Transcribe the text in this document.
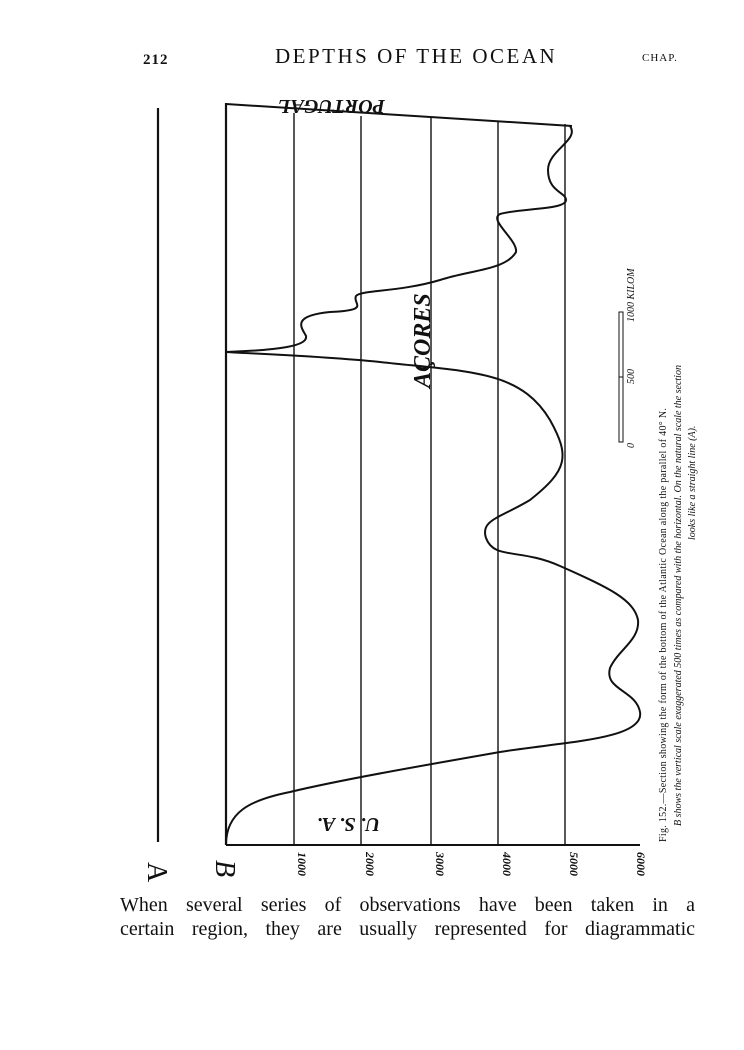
212	DEPTHS OF THE OCEAN	CHAP.
1000	2000	3000	4000	5000	6000
A B
PORTUGAL
AÇORES
U. S. A.
0
500
1000 KILOM
Fig. 152.—Section showing the form of the bottom of the Atlantic Ocean along the parallel of 40° N. B shows the vertical scale exaggerated 500 times as compared with the horizontal. On the natural scale the section looks like a straight line (A).
When several series of observations have been taken in a
certain region, they are usually represented for diagrammatic
